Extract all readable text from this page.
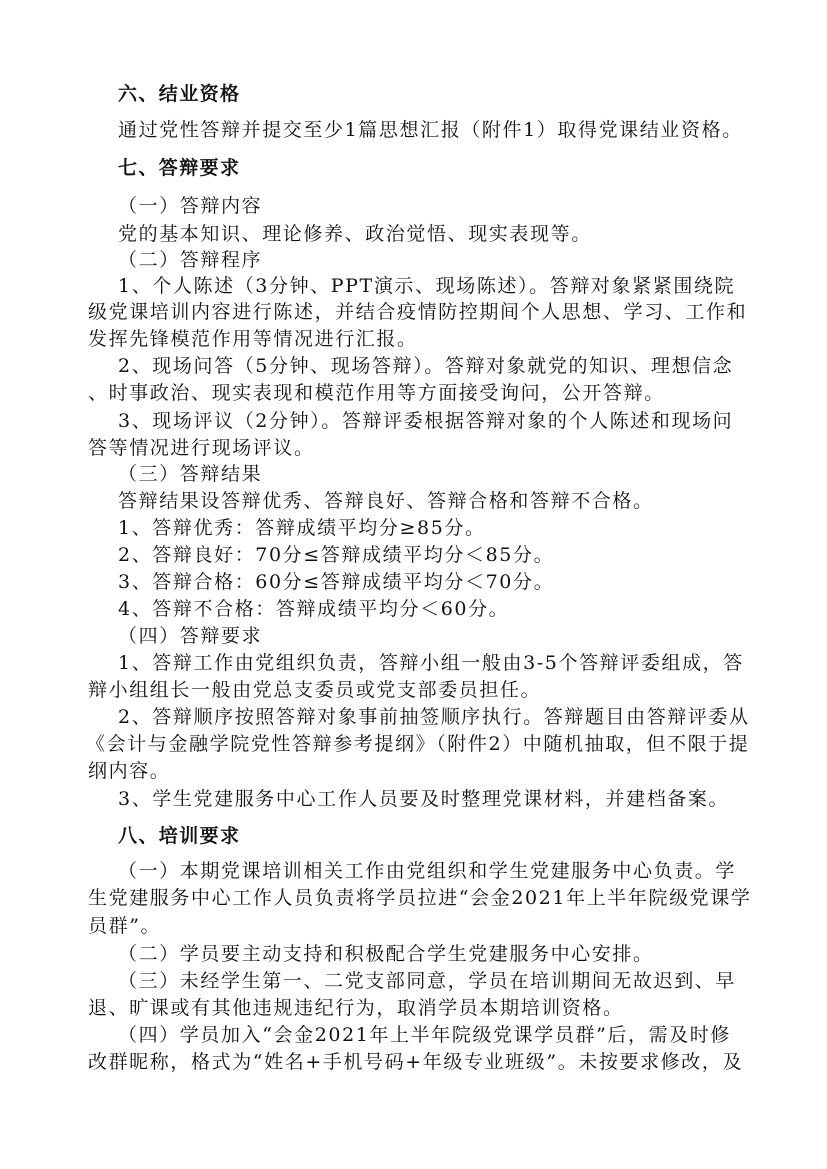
六、结业资格
通过党性答辩并提交至少1篇思想汇报（附件1）取得党课结业资格。
七、答辩要求
（一）答辩内容
党的基本知识、理论修养、政治觉悟、现实表现等。
（二）答辩程序
1、个人陈述（3分钟、PPT演示、现场陈述）。答辩对象紧紧围绕院
级党课培训内容进行陈述，并结合疫情防控期间个人思想、学习、工作和
发挥先锋模范作用等情况进行汇报。
2、现场问答（5分钟、现场答辩）。答辩对象就党的知识、理想信念
、时事政治、现实表现和模范作用等方面接受询问，公开答辩。
3、现场评议（2分钟）。答辩评委根据答辩对象的个人陈述和现场问
答等情况进行现场评议。
（三）答辩结果
答辩结果设答辩优秀、答辩良好、答辩合格和答辩不合格。
1、答辩优秀：答辩成绩平均分≥85分。
2、答辩良好：70分≤答辩成绩平均分＜85分。
3、答辩合格：60分≤答辩成绩平均分＜70分。
4、答辩不合格：答辩成绩平均分＜60分。
（四）答辩要求
1、答辩工作由党组织负责，答辩小组一般由3-5个答辩评委组成，答
辩小组组长一般由党总支委员或党支部委员担任。
2、答辩顺序按照答辩对象事前抽签顺序执行。答辩题目由答辩评委从
《会计与金融学院党性答辩参考提纲》（附件2）中随机抽取，但不限于提
纲内容。
3、学生党建服务中心工作人员要及时整理党课材料，并建档备案。
八、培训要求
（一）本期党课培训相关工作由党组织和学生党建服务中心负责。学
生党建服务中心工作人员负责将学员拉进“会金2021年上半年院级党课学
员群”。
（二）学员要主动支持和积极配合学生党建服务中心安排。
（三）未经学生第一、二党支部同意，学员在培训期间无故迟到、早
退、旷课或有其他违规违纪行为，取消学员本期培训资格。
（四）学员加入“会金2021年上半年院级党课学员群”后，需及时修
改群昵称，格式为“姓名+手机号码+年级专业班级”。未按要求修改，及
